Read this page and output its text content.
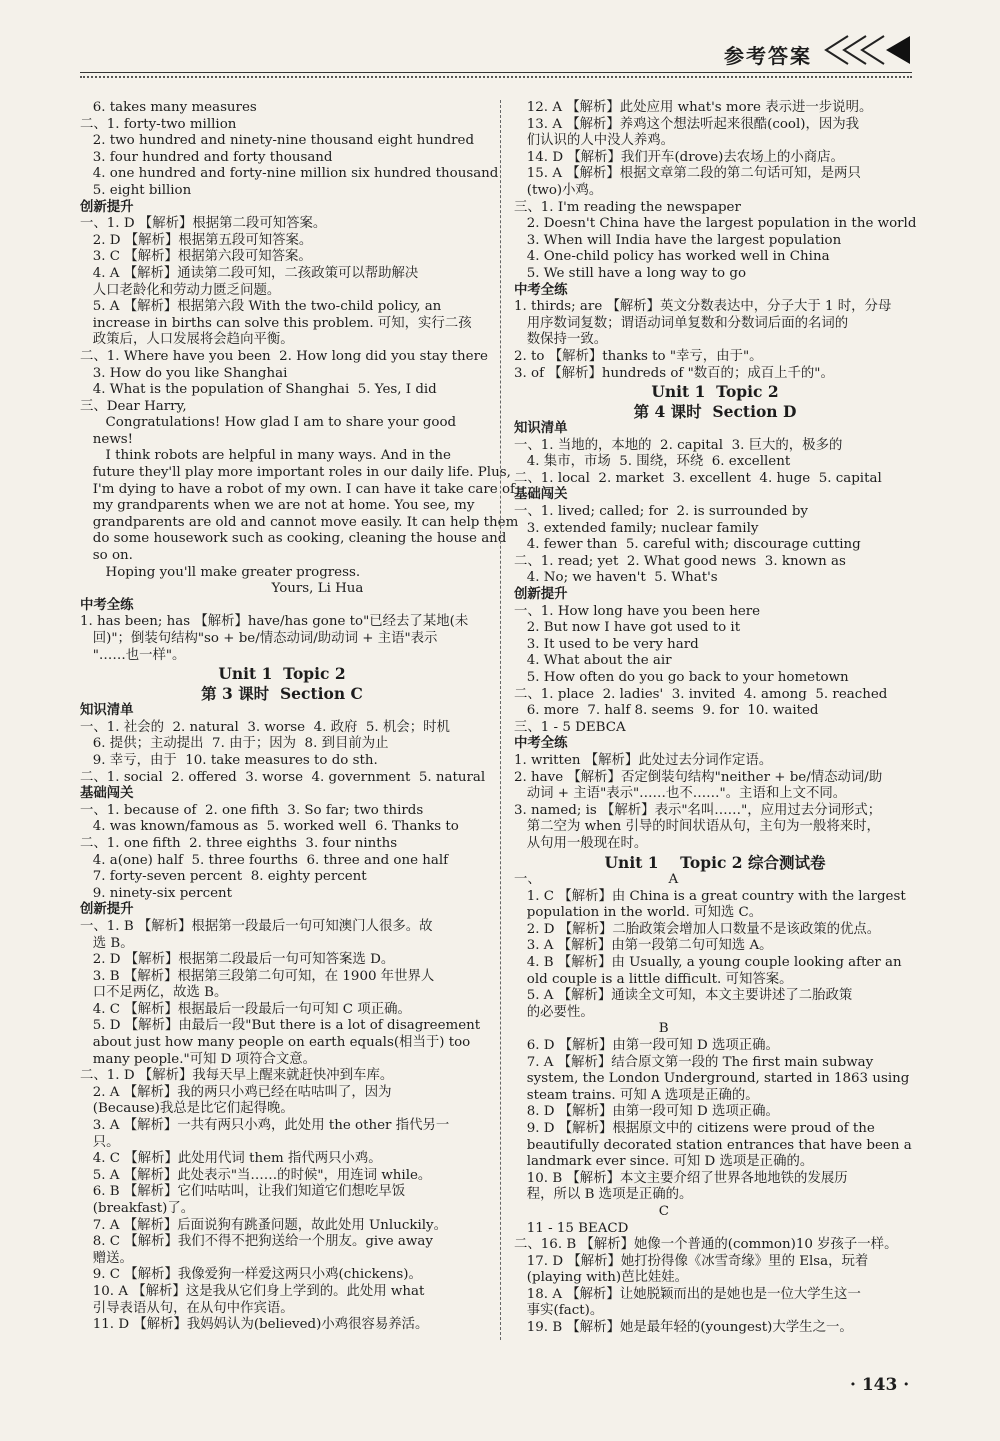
参考答案
6. takes many measures
二、1. forty-two million
2. two hundred and ninety-nine thousand eight hundred
3. four hundred and forty thousand
4. one hundred and forty-nine million six hundred thousand
5. eight billion
创新提升
一、1. D 【解析】根据第二段可知答案。
2. D 【解析】根据第五段可知答案。
3. C 【解析】根据第六段可知答案。
4. A 【解析】通读第二段可知，二孩政策可以帮助解决
人口老龄化和劳动力匮乏问题。
5. A 【解析】根据第六段 With the two-child policy, an
increase in births can solve this problem. 可知，实行二孩
政策后，人口发展将会趋向平衡。
二、1. Where have you been  2. How long did you stay there
3. How do you like Shanghai
4. What is the population of Shanghai  5. Yes, I did
三、Dear Harry,
Congratulations! How glad I am to share your good
news!
I think robots are helpful in many ways. And in the
future they'll play more important roles in our daily life. Plus,
I'm dying to have a robot of my own. I can have it take care of
my grandparents when we are not at home. You see, my
grandparents are old and cannot move easily. It can help them
do some housework such as cooking, cleaning the house and
so on.
Hoping you'll make greater progress.
Yours, Li Hua
中考全练
1. has been; has 【解析】have/has gone to"已经去了某地(未
回)"；倒装句结构"so + be/情态动词/助动词 + 主语"表示
"……也一样"。
Unit 1  Topic 2
第 3 课时  Section C
知识清单
一、1. 社会的  2. natural  3. worse  4. 政府  5. 机会；时机
6. 提供；主动提出  7. 由于；因为  8. 到目前为止
9. 幸亏，由于  10. take measures to do sth.
二、1. social  2. offered  3. worse  4. government  5. natural
基础闯关
一、1. because of  2. one fifth  3. So far; two thirds
4. was known/famous as  5. worked well  6. Thanks to
二、1. one fifth  2. three eighths  3. four ninths
4. a(one) half  5. three fourths  6. three and one half
7. forty-seven percent  8. eighty percent
9. ninety-six percent
创新提升
一、1. B 【解析】根据第一段最后一句可知澳门人很多。故
选 B。
2. D 【解析】根据第二段最后一句可知答案选 D。
3. B 【解析】根据第三段第二句可知，在 1900 年世界人
口不足两亿，故选 B。
4. C 【解析】根据最后一段最后一句可知 C 项正确。
5. D 【解析】由最后一段"But there is a lot of disagreement
about just how many people on earth equals(相当于) too
many people."可知 D 项符合文意。
二、1. D 【解析】我每天早上醒来就赶快冲到车库。
2. A 【解析】我的两只小鸡已经在咕咕叫了，因为
(Because)我总是比它们起得晚。
3. A 【解析】一共有两只小鸡，此处用 the other 指代另一
只。
4. C 【解析】此处用代词 them 指代两只小鸡。
5. A 【解析】此处表示"当……的时候"，用连词 while。
6. B 【解析】它们咕咕叫，让我们知道它们想吃早饭
(breakfast)了。
7. A 【解析】后面说狗有跳蚤问题，故此处用 Unluckily。
8. C 【解析】我们不得不把狗送给一个朋友。give away
赠送。
9. C 【解析】我像爱狗一样爱这两只小鸡(chickens)。
10. A 【解析】这是我从它们身上学到的。此处用 what
引导表语从句，在从句中作宾语。
11. D 【解析】我妈妈认为(believed)小鸡很容易养活。
12. A 【解析】此处应用 what's more 表示进一步说明。
13. A 【解析】养鸡这个想法听起来很酷(cool)，因为我
们认识的人中没人养鸡。
14. D 【解析】我们开车(drove)去农场上的小商店。
15. A 【解析】根据文章第二段的第二句话可知，是两只
(two)小鸡。
三、1. I'm reading the newspaper
2. Doesn't China have the largest population in the world
3. When will India have the largest population
4. One-child policy has worked well in China
5. We still have a long way to go
中考全练
1. thirds; are 【解析】英文分数表达中，分子大于 1 时，分母
用序数词复数；谓语动词单复数和分数词后面的名词的
数保持一致。
2. to 【解析】thanks to "幸亏，由于"。
3. of 【解析】hundreds of "数百的；成百上千的"。
Unit 1  Topic 2
第 4 课时  Section D
知识清单
一、1. 当地的，本地的  2. capital  3. 巨大的，极多的
4. 集市，市场  5. 围绕，环绕  6. excellent
二、1. local  2. market  3. excellent  4. huge  5. capital
基础闯关
一、1. lived; called; for  2. is surrounded by
3. extended family; nuclear family
4. fewer than  5. careful with; discourage cutting
二、1. read; yet  2. What good news  3. known as
4. No; we haven't  5. What's
创新提升
一、1. How long have you been here
2. But now I have got used to it
3. It used to be very hard
4. What about the air
5. How often do you go back to your hometown
二、1. place  2. ladies'  3. invited  4. among  5. reached
6. more  7. half 8. seems  9. for  10. waited
三、1 - 5 DEBCA
中考全练
1. written 【解析】此处过去分词作定语。
2. have 【解析】否定倒装句结构"neither + be/情态动词/助
动词 + 主语"表示"……也不……"。主语和上文不同。
3. named; is 【解析】表示"名叫……"，应用过去分词形式；
第二空为 when 引导的时间状语从句，主句为一般将来时，
从句用一般现在时。
Unit 1    Topic 2 综合测试卷
一、                              A
1. C 【解析】由 China is a great country with the largest
population in the world. 可知选 C。
2. D 【解析】二胎政策会增加人口数量不是该政策的优点。
3. A 【解析】由第一段第二句可知选 A。
4. B 【解析】由 Usually, a young couple looking after an
old couple is a little difficult. 可知答案。
5. A 【解析】通读全文可知，本文主要讲述了二胎政策
的必要性。
B
6. D 【解析】由第一段可知 D 选项正确。
7. A 【解析】结合原文第一段的 The first main subway
system, the London Underground, started in 1863 using
steam trains. 可知 A 选项是正确的。
8. D 【解析】由第一段可知 D 选项正确。
9. D 【解析】根据原文中的 citizens were proud of the
beautifully decorated station entrances that have been a
landmark ever since. 可知 D 选项是正确的。
10. B 【解析】本文主要介绍了世界各地地铁的发展历
程，所以 B 选项是正确的。
C
11 - 15 BEACD
二、16. B 【解析】她像一个普通的(common)10 岁孩子一样。
17. D 【解析】她打扮得像《冰雪奇缘》里的 Elsa，玩着
(playing with)芭比娃娃。
18. A 【解析】让她脱颖而出的是她也是一位大学生这一
事实(fact)。
19. B 【解析】她是最年轻的(youngest)大学生之一。
· 143 ·
